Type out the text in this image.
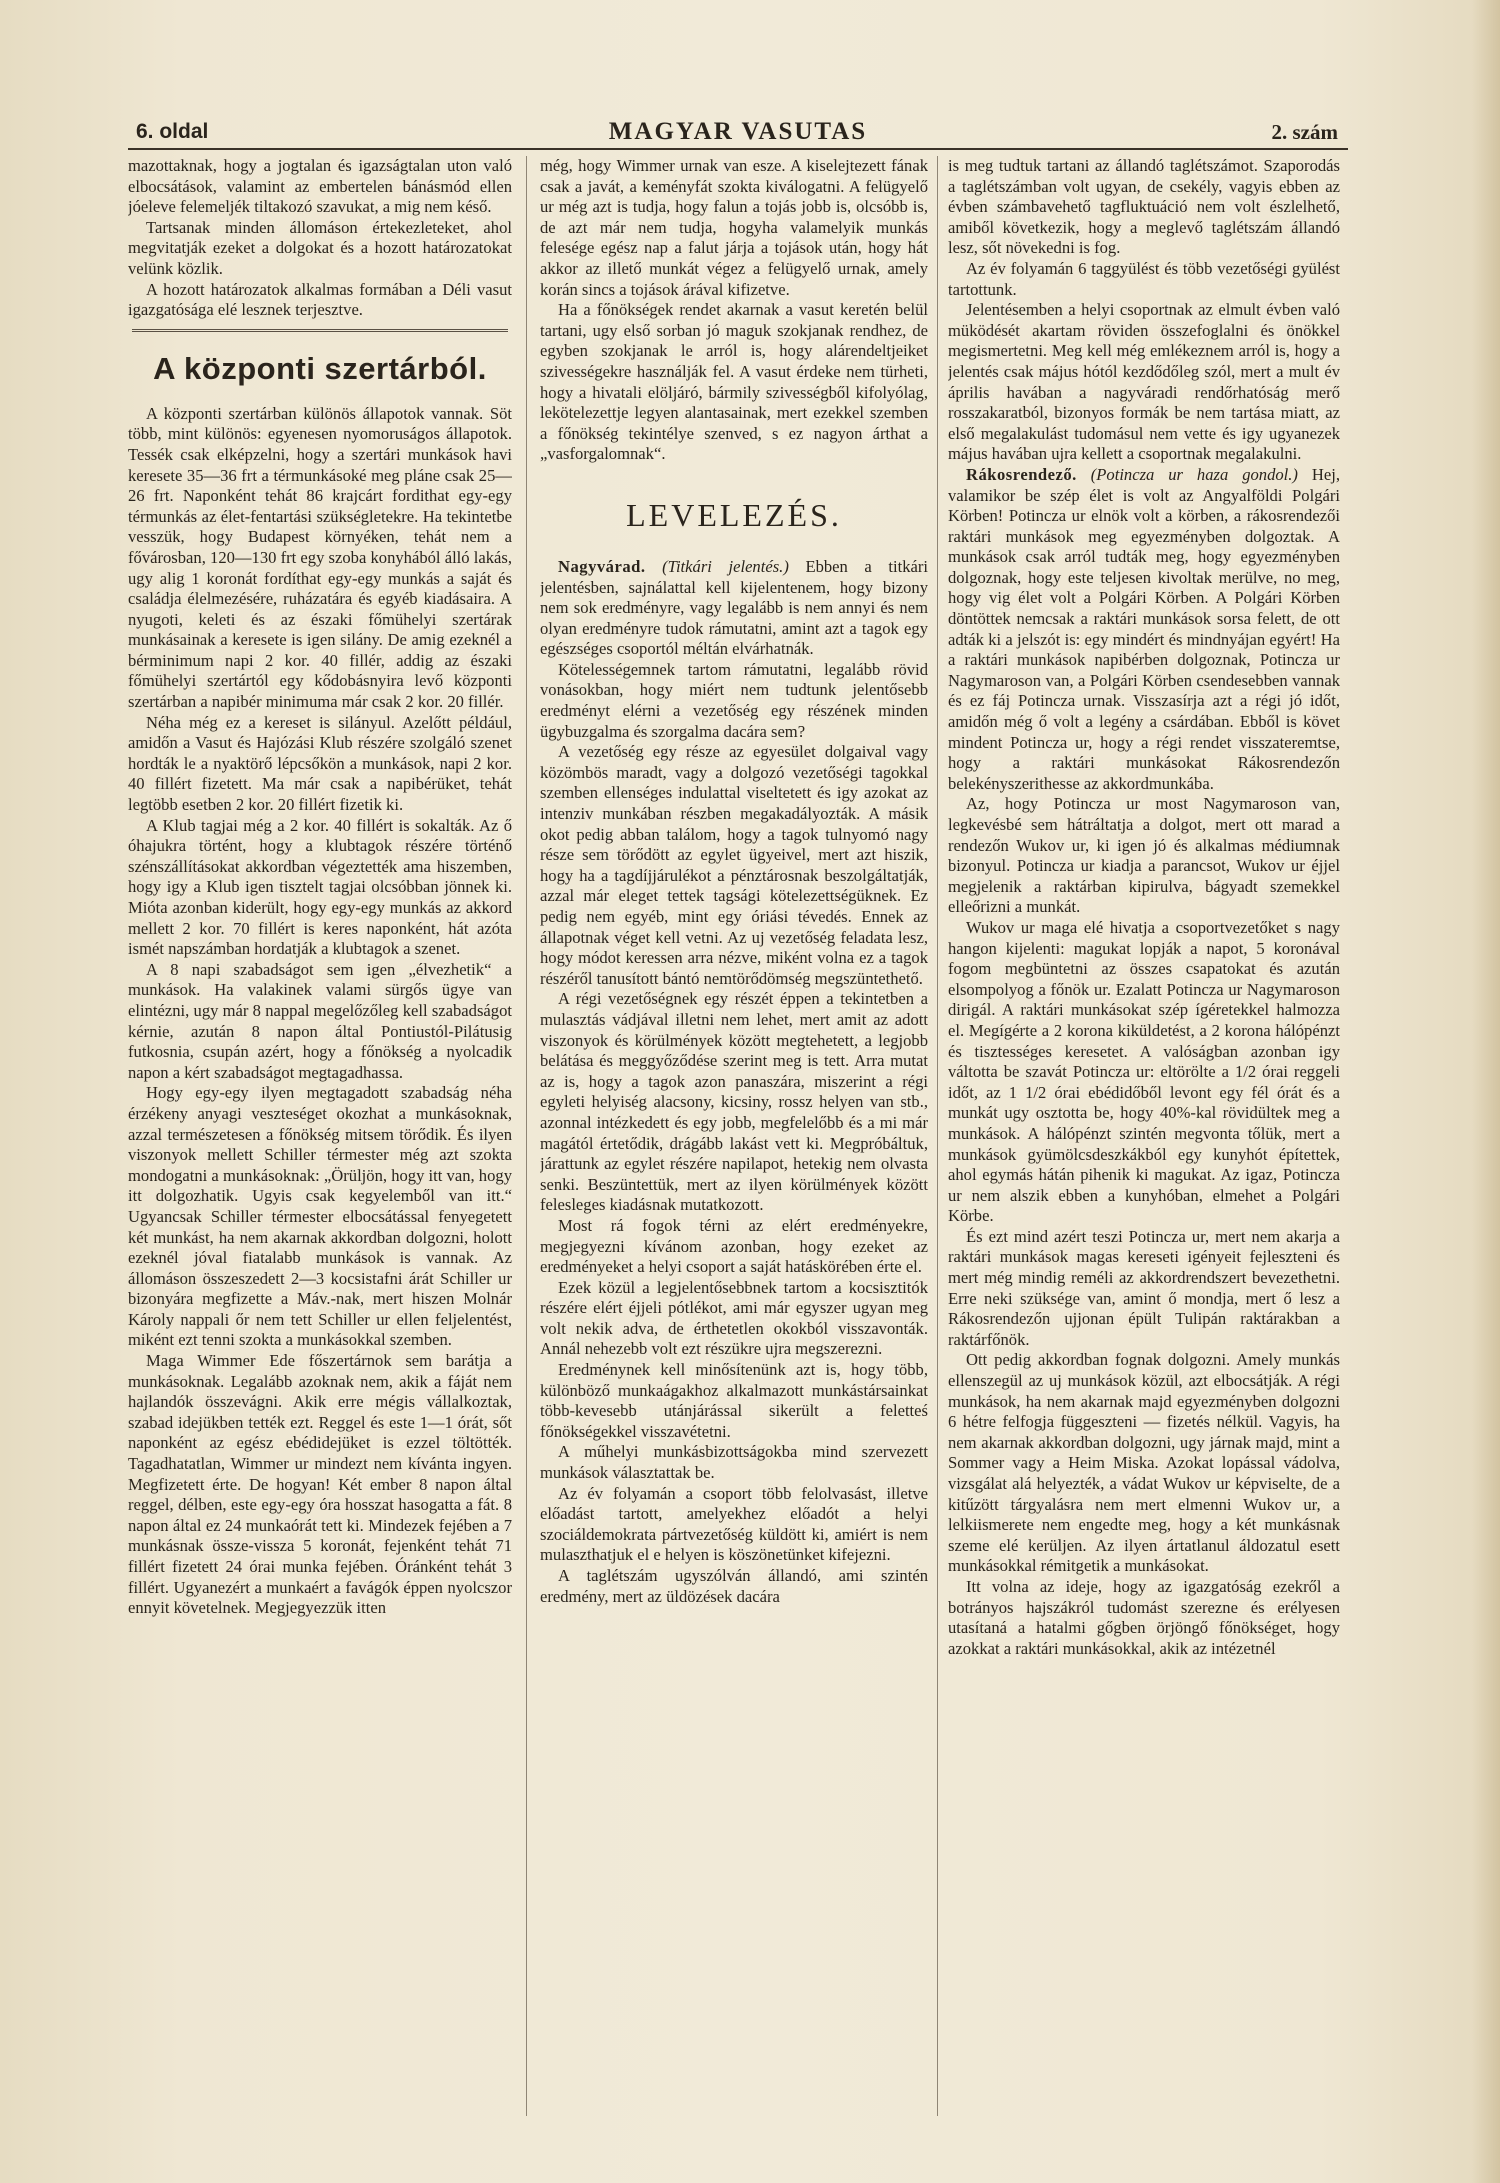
6. oldal	MAGYAR VASUTAS	2. szám

mazottaknak, hogy a jogtalan és igazságtalan uton való elbocsátások, valamint az embertelen bánásmód ellen jóeleve felemeljék tiltakozó szavukat, a mig nem késő.

Tartsanak minden állomáson értekezleteket, ahol megvitatják ezeket a dolgokat és a hozott határozatokat velünk közlik.

A hozott határozatok alkalmas formában a Déli vasut igazgatósága elé lesznek terjesztve.

A központi szertárból.

A központi szertárban különös állapotok vannak. Söt több, mint különös: egyenesen nyomoruságos állapotok. Tessék csak elképzelni, hogy a szertári munkások havi keresete 35—36 frt a térmunkásoké meg pláne csak 25—26 frt. Naponként tehát 86 krajcárt fordithat egy-egy térmunkás az élet-fentartási szükségletekre. Ha tekintetbe vesszük, hogy Budapest környéken, tehát nem a fővárosban, 120—130 frt egy szoba konyhából álló lakás, ugy alig 1 koronát fordíthat egy-egy munkás a saját és családja élelmezésére, ruházatára és egyéb kiadásaira. A nyugoti, keleti és az északi főmühelyi szertárak munkásainak a keresete is igen silány. De amig ezeknél a bérminimum napi 2 kor. 40 fillér, addig az északi főmühelyi szertártól egy kődobásnyira levő központi szertárban a napibér minimuma már csak 2 kor. 20 fillér.

Néha még ez a kereset is silányul. Azelőtt például, amidőn a Vasut és Hajózási Klub részére szolgáló szenet hordták le a nyaktörő lépcsőkön a munkások, napi 2 kor. 40 fillért fizetett. Ma már csak a napibérüket, tehát legtöbb esetben 2 kor. 20 fillért fizetik ki.

A Klub tagjai még a 2 kor. 40 fillért is sokalták. Az ő óhajukra történt, hogy a klubtagok részére történő szénszállításokat akkordban végeztették ama hiszemben, hogy igy a Klub igen tisztelt tagjai olcsóbban jönnek ki. Mióta azonban kiderült, hogy egy-egy munkás az akkord mellett 2 kor. 70 fillért is keres naponként, hát azóta ismét napszámban hordatják a klubtagok a szenet.

A 8 napi szabadságot sem igen „élvezhetik“ a munkások. Ha valakinek valami sürgős ügye van elintézni, ugy már 8 nappal megelőzőleg kell szabadságot kérnie, azután 8 napon által Pontiustól-Pilátusig futkosnia, csupán azért, hogy a főnökség a nyolcadik napon a kért szabadságot megtagadhassa.

Hogy egy-egy ilyen megtagadott szabadság néha érzékeny anyagi veszteséget okozhat a munkásoknak, azzal természetesen a főnökség mitsem törődik. És ilyen viszonyok mellett Schiller térmester még azt szokta mondogatni a munkásoknak: „Örüljön, hogy itt van, hogy itt dolgozhatik. Ugyis csak kegyelemből van itt.“ Ugyancsak Schiller térmester elbocsátással fenyegetett két munkást, ha nem akarnak akkordban dolgozni, holott ezeknél jóval fiatalabb munkások is vannak. Az állomáson összeszedett 2—3 kocsistafni árát Schiller ur bizonyára megfizette a Máv.-nak, mert hiszen Molnár Károly nappali őr nem tett Schiller ur ellen feljelentést, miként ezt tenni szokta a munkásokkal szemben.

Maga Wimmer Ede főszertárnok sem barátja a munkásoknak. Legalább azoknak nem, akik a fáját nem hajlandók összevágni. Akik erre mégis vállalkoztak, szabad idejükben tették ezt. Reggel és este 1—1 órát, sőt naponként az egész ebédidejüket is ezzel töltötték. Tagadhatatlan, Wimmer ur mindezt nem kívánta ingyen. Megfizetett érte. De hogyan! Két ember 8 napon által reggel, délben, este egy-egy óra hosszat hasogatta a fát. 8 napon által ez 24 munkaórát tett ki. Mindezek fejében a 7 munkásnak össze-vissza 5 koronát, fejenként tehát 71 fillért fizetett 24 órai munka fejében. Óránként tehát 3 fillért. Ugyanezért a munkaért a favágók éppen nyolcszor ennyit követelnek. Megjegyezzük itten

még, hogy Wimmer urnak van esze. A kiselejtezett fának csak a javát, a keményfát szokta kiválogatni. A felügyelő ur még azt is tudja, hogy falun a tojás jobb is, olcsóbb is, de azt már nem tudja, hogyha valamelyik munkás felesége egész nap a falut járja a tojások után, hogy hát akkor az illető munkát végez a felügyelő urnak, amely korán sincs a tojások árával kifizetve.

Ha a főnökségek rendet akarnak a vasut keretén belül tartani, ugy első sorban jó maguk szokjanak rendhez, de egyben szokjanak le arról is, hogy alárendeltjeiket szivességekre használják fel. A vasut érdeke nem türheti, hogy a hivatali elöljáró, bármily szivességből kifolyólag, lekötelezettje legyen alantasainak, mert ezekkel szemben a főnökség tekintélye szenved, s ez nagyon árthat a „vasforgalomnak“.

LEVELEZÉS.

Nagyvárad. (Titkári jelentés.) Ebben a titkári jelentésben, sajnálattal kell kijelentenem, hogy bizony nem sok eredményre, vagy legalább is nem annyi és nem olyan eredményre tudok rámutatni, amint azt a tagok egy egészséges csoportól méltán elvárhatnák.

Kötelességemnek tartom rámutatni, legalább rövid vonásokban, hogy miért nem tudtunk jelentősebb eredményt elérni a vezetőség egy részének minden ügybuzgalma és szorgalma dacára sem?

A vezetőség egy része az egyesület dolgaival vagy közömbös maradt, vagy a dolgozó vezetőségi tagokkal szemben ellenséges indulattal viseltetett és igy azokat az intenziv munkában részben megakadályozták. A másik okot pedig abban találom, hogy a tagok tulnyomó nagy része sem törődött az egylet ügyeivel, mert azt hiszik, hogy ha a tagdíjjárulékot a pénztárosnak beszolgáltatják, azzal már eleget tettek tagsági kötelezettségüknek. Ez pedig nem egyéb, mint egy óriási tévedés. Ennek az állapotnak véget kell vetni. Az uj vezetőség feladata lesz, hogy módot keressen arra nézve, miként volna ez a tagok részéről tanusított bántó nemtörődömség megszüntethető.

A régi vezetőségnek egy részét éppen a tekintetben a mulasztás vádjával illetni nem lehet, mert amit az adott viszonyok és körülmények között megtehetett, a legjobb belátása és meggyőződése szerint meg is tett. Arra mutat az is, hogy a tagok azon panaszára, miszerint a régi egyleti helyiség alacsony, kicsiny, rossz helyen van stb., azonnal intézkedett és egy jobb, megfelelőbb és a mi már magától értetődik, drágább lakást vett ki. Megpróbáltuk, járattunk az egylet részére napilapot, hetekig nem olvasta senki. Beszüntettük, mert az ilyen körülmények között felesleges kiadásnak mutatkozott.

Most rá fogok térni az elért eredményekre, megjegyezni kívánom azonban, hogy ezeket az eredményeket a helyi csoport a saját hatáskörében érte el.

Ezek közül a legjelentősebbnek tartom a kocsisztitók részére elért éjjeli pótlékot, ami már egyszer ugyan meg volt nekik adva, de érthetetlen okokból visszavonták. Annál nehezebb volt ezt részükre ujra megszerezni.

Eredménynek kell minősítenünk azt is, hogy több, különböző munkaágakhoz alkalmazott munkástársainkat több-kevesebb utánjárással sikerült a feletteś főnökségekkel visszavétetni.

A műhelyi munkásbizottságokba mind szervezett munkások választattak be.

Az év folyamán a csoport több felolvasást, illetve előadást tartott, amelyekhez előadót a helyi szociáldemokrata pártvezetőség küldött ki, amiért is nem mulaszthatjuk el e helyen is köszönetünket kifejezni.

A taglétszám ugyszólván állandó, ami szintén eredmény, mert az üldözések dacára

is meg tudtuk tartani az állandó taglétszámot. Szaporodás a taglétszámban volt ugyan, de csekély, vagyis ebben az évben számbavehető tagfluktuáció nem volt észlelhető, amiből következik, hogy a meglevő taglétszám állandó lesz, sőt növekedni is fog.

Az év folyamán 6 taggyülést és több vezetőségi gyülést tartottunk.

Jelentésemben a helyi csoportnak az elmult évben való müködését akartam röviden összefoglalni és önökkel megismertetni. Meg kell még emlékeznem arról is, hogy a jelentés csak május hótól kezdődőleg szól, mert a mult év április havában a nagyváradi rendőrhatóság merő rosszakaratból, bizonyos formák be nem tartása miatt, az első megalakulást tudomásul nem vette és igy ugyanezek május havában ujra kellett a csoportnak megalakulni.

Rákosrendező. (Potincza ur haza gondol.) Hej, valamikor be szép élet is volt az Angyalföldi Polgári Körben! Potincza ur elnök volt a körben, a rákosrendezői raktári munkások meg egyezményben dolgoztak. A munkások csak arról tudták meg, hogy egyezményben dolgoznak, hogy este teljesen kivoltak merülve, no meg, hogy vig élet volt a Polgári Körben. A Polgári Körben döntöttek nemcsak a raktári munkások sorsa felett, de ott adták ki a jelszót is: egy mindért és mindnyájan egyért! Ha a raktári munkások napibérben dolgoznak, Potincza ur Nagymaroson van, a Polgári Körben csendesebben vannak és ez fáj Potincza urnak. Visszasírja azt a régi jó időt, amidőn még ő volt a legény a csárdában. Ebből is követ mindent Potincza ur, hogy a régi rendet visszateremtse, hogy a raktári munkásokat Rákosrendezőn belekényszerithesse az akkordmunkába.

Az, hogy Potincza ur most Nagymaroson van, legkevésbé sem hátráltatja a dolgot, mert ott marad a rendezőn Wukov ur, ki igen jó és alkalmas médiumnak bizonyul. Potincza ur kiadja a parancsot, Wukov ur éjjel megjelenik a raktárban kipirulva, bágyadt szemekkel elleőrizni a munkát.

Wukov ur maga elé hivatja a csoportvezetőket s nagy hangon kijelenti: magukat lopják a napot, 5 koronával fogom megbüntetni az összes csapatokat és azután elsompolyog a főnök ur. Ezalatt Potincza ur Nagymaroson dirigál. A raktári munkásokat szép ígéretekkel halmozza el. Megígérte a 2 korona kiküldetést, a 2 korona hálópénzt és tisztességes keresetet. A valóságban azonban igy váltotta be szavát Potincza ur: eltörölte a 1/2 órai reggeli időt, az 1 1/2 órai ebédidőből levont egy fél órát és a munkát ugy osztotta be, hogy 40%-kal rövidültek meg a munkások. A hálópénzt szintén megvonta tőlük, mert a munkások gyümölcsdeszkákból egy kunyhót építettek, ahol egymás hátán pihenik ki magukat. Az igaz, Potincza ur nem alszik ebben a kunyhóban, elmehet a Polgári Körbe.

És ezt mind azért teszi Potincza ur, mert nem akarja a raktári munkások magas kereseti igényeit fejleszteni és mert még mindig reméli az akkordrendszert bevezethetni. Erre neki szüksége van, amint ő mondja, mert ő lesz a Rákosrendezőn ujjonan épült Tulipán raktárakban a raktárfőnök.

Ott pedig akkordban fognak dolgozni. Amely munkás ellenszegül az uj munkások közül, azt elbocsátják. A régi munkások, ha nem akarnak majd egyezményben dolgozni 6 hétre felfogja függeszteni — fizetés nélkül. Vagyis, ha nem akarnak akkordban dolgozni, ugy járnak majd, mint a Sommer vagy a Heim Miska. Azokat lopással vádolva, vizsgálat alá helyezték, a vádat Wukov ur képviselte, de a kitűzött tárgyalásra nem mert elmenni Wukov ur, a lelkiismerete nem engedte meg, hogy a két munkásnak szeme elé kerüljen. Az ilyen ártatlanul áldozatul esett munkásokkal rémitgetik a munkásokat.

Itt volna az ideje, hogy az igazgatóság ezekről a botrányos hajszákról tudomást szerezne és erélyesen utasítaná a hatalmi gőgben örjöngő főnökséget, hogy azokkat a raktári munkásokkal, akik az intézetnél
